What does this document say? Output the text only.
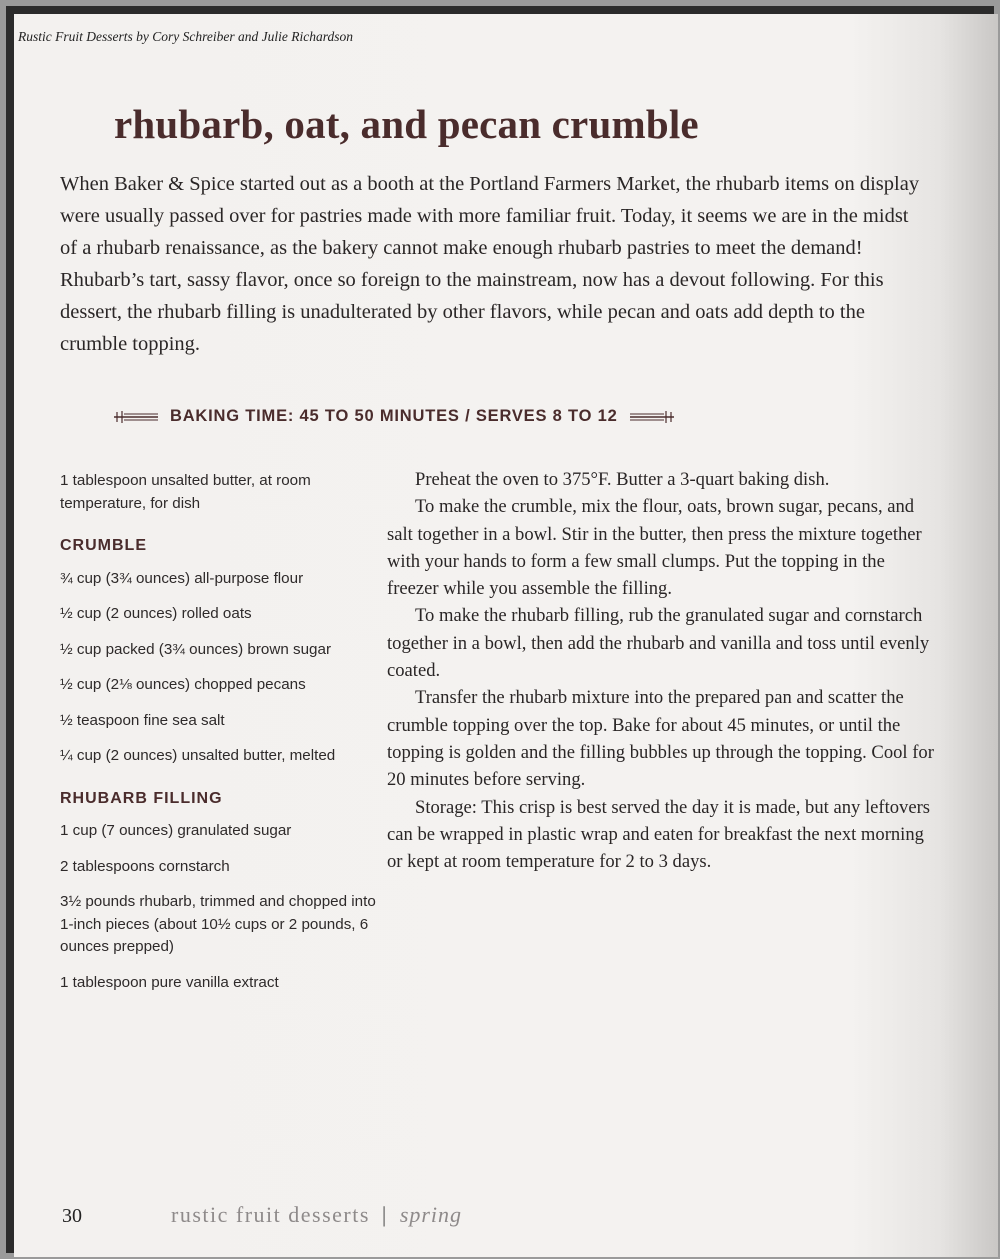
Rustic Fruit Desserts by Cory Schreiber and Julie Richardson
rhubarb, oat, and pecan crumble

When Baker & Spice started out as a booth at the Portland Farmers Market, the rhubarb items on display were usually passed over for pastries made with more familiar fruit. Today, it seems we are in the midst of a rhubarb renaissance, as the bakery cannot make enough rhubarb pastries to meet the demand! Rhubarb’s tart, sassy flavor, once so foreign to the mainstream, now has a devout following. For this dessert, the rhubarb filling is unadulterated by other flavors, while pecan and oats add depth to the crumble topping.

BAKING TIME: 45 TO 50 MINUTES / SERVES 8 TO 12
1 tablespoon unsalted butter, at room temperature, for dish
CRUMBLE
¾ cup (3¾ ounces) all-purpose flour
½ cup (2 ounces) rolled oats
½ cup packed (3¾ ounces) brown sugar
½ cup (2⅛ ounces) chopped pecans
½ teaspoon fine sea salt
¼ cup (2 ounces) unsalted butter, melted
RHUBARB FILLING
1 cup (7 ounces) granulated sugar
2 tablespoons cornstarch
3½ pounds rhubarb, trimmed and chopped into 1-inch pieces (about 10½ cups or 2 pounds, 6 ounces prepped)
1 tablespoon pure vanilla extract

Preheat the oven to 375°F. Butter a 3-quart baking dish.

To make the crumble, mix the flour, oats, brown sugar, pecans, and salt together in a bowl. Stir in the butter, then press the mixture together with your hands to form a few small clumps. Put the topping in the freezer while you assemble the filling.

To make the rhubarb filling, rub the granulated sugar and cornstarch together in a bowl, then add the rhubarb and vanilla and toss until evenly coated.

Transfer the rhubarb mixture into the prepared pan and scatter the crumble topping over the top. Bake for about 45 minutes, or until the topping is golden and the filling bubbles up through the topping. Cool for 20 minutes before serving.

Storage: This crisp is best served the day it is made, but any leftovers can be wrapped in plastic wrap and eaten for breakfast the next morning or kept at room temperature for 2 to 3 days.

30	rustic fruit desserts | spring
